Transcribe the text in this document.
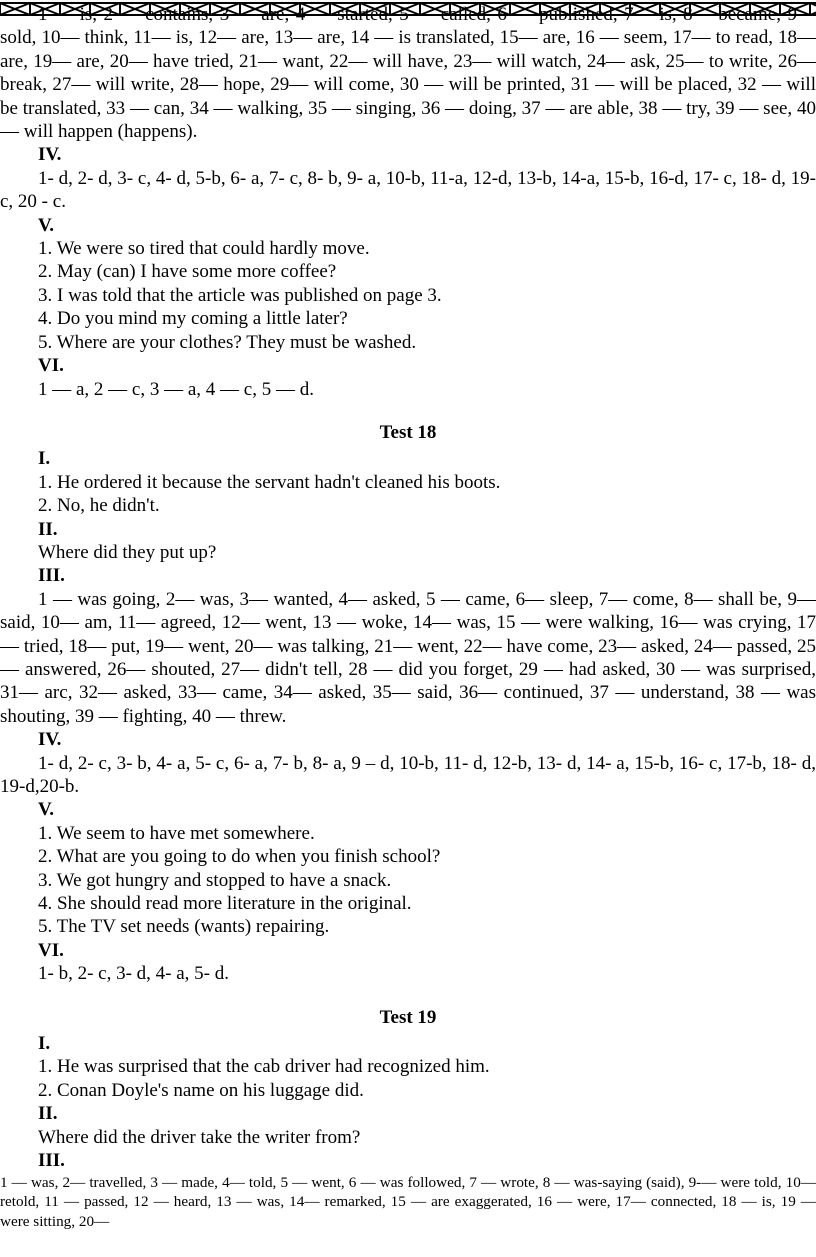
1 — is, 2 — contains, 3 — are, 4 — started, 5 — called, 6 — published, 7— is, 8— became, 9— sold, 10— think, 11— is, 12— are, 13— are, 14 — is translated, 15— are, 16 — seem, 17— to read, 18— are, 19— are, 20— have tried, 21— want, 22— will have, 23— will watch, 24— ask, 25— to write, 26— break, 27— will write, 28— hope, 29— will come, 30 — will be printed, 31 — will be placed, 32 — will be translated, 33 — can, 34 — walking, 35 — singing, 36 — doing, 37 — are able, 38 — try, 39 — see, 40 — will happen (happens).

IV.

1- d, 2- d, 3- c, 4- d, 5-b, 6- a, 7- c, 8- b, 9- a, 10-b, 11-a, 12-d, 13-b, 14-a, 15-b, 16-d, 17- c, 18- d, 19-c, 20 - c.

V.

1. We were so tired that could hardly move.

2. May (can) I have some more coffee?

3. I was told that the article was published on page 3.

4. Do you mind my coming a little later?

5. Where are your clothes? They must be washed.

VI.

1 — a, 2 — c, 3 — a, 4 — c, 5 — d.

Test 18

I.

1. He ordered it because the servant hadn't cleaned his boots.

2. No, he didn't.

II.

Where did they put up?

III.

1 — was going, 2— was, 3— wanted, 4— asked, 5 — came, 6— sleep, 7— come, 8— shall be, 9— said, 10— am, 11— agreed, 12— went, 13 — woke, 14— was, 15 — were walking, 16— was crying, 17— tried, 18— put, 19— went, 20— was talking, 21— went, 22— have come, 23— asked, 24— passed, 25— answered, 26— shouted, 27— didn't tell, 28 — did you forget, 29 — had asked, 30 — was surprised, 31— arc, 32— asked, 33— came, 34— asked, 35— said, 36— continued, 37 — understand, 38 — was shouting, 39 — fighting, 40 — threw.

IV.

1- d, 2- c, 3- b, 4- a, 5- c, 6- a, 7- b, 8- a, 9 – d, 10-b, 11- d, 12-b, 13- d, 14- a, 15-b, 16- c, 17-b, 18- d, 19-d,20-b.

V.

1. We seem to have met somewhere.

2. What are you going to do when you finish school?

3. We got hungry and stopped to have a snack.

4. She should read more literature in the original.

5. The TV set needs (wants) repairing.

VI.

1- b, 2- c, 3- d, 4- a, 5- d.

Test 19

I.

1. He was surprised that the cab driver had recognized him.

2. Conan Doyle's name on his luggage did.

II.

Where did the driver take the writer from?

III.

1 — was, 2— travelled, 3 — made, 4— told, 5 — went, 6 — was followed, 7 — wrote, 8 — was-saying (said), 9-— were told, 10— retold, 11 — passed, 12 — heard, 13 — was, 14— remarked, 15 — are exaggerated, 16 — were, 17— connected, 18 — is, 19 — were sitting, 20—
